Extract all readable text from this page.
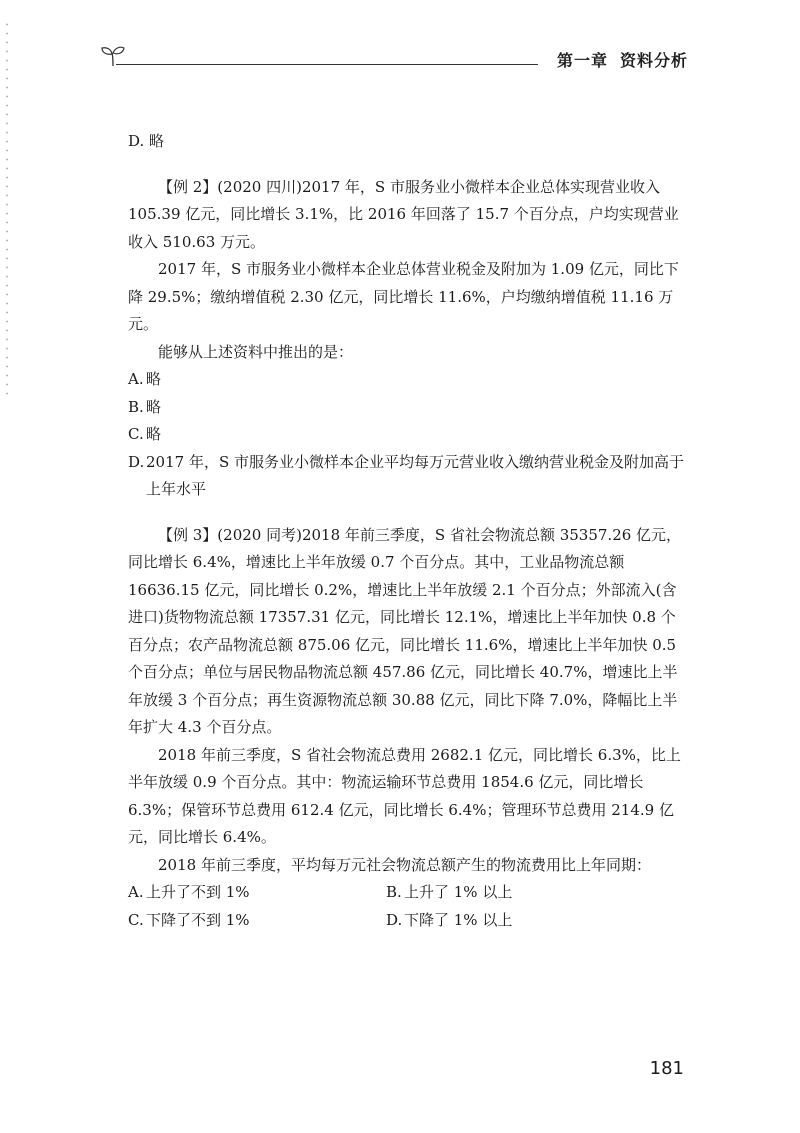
第一章 资料分析

D. 略

【例 2】(2020 四川)2017 年，S 市服务业小微样本企业总体实现营业收入 105.39 亿元，同比增长 3.1%，比 2016 年回落了 15.7 个百分点，户均实现营业收入 510.63 万元。

2017 年，S 市服务业小微样本企业总体营业税金及附加为 1.09 亿元，同比下降 29.5%；缴纳增值税 2.30 亿元，同比增长 11.6%，户均缴纳增值税 11.16 万元。

能够从上述资料中推出的是：

A. 略
B. 略
C. 略
D. 2017 年，S 市服务业小微样本企业平均每万元营业收入缴纳营业税金及附加高于上年水平

【例 3】(2020 同考)2018 年前三季度，S 省社会物流总额 35357.26 亿元，同比增长 6.4%，增速比上半年放缓 0.7 个百分点。其中，工业品物流总额 16636.15 亿元，同比增长 0.2%，增速比上半年放缓 2.1 个百分点；外部流入(含进口)货物物流总额 17357.31 亿元，同比增长 12.1%，增速比上半年加快 0.8 个百分点；农产品物流总额 875.06 亿元，同比增长 11.6%，增速比上半年加快 0.5 个百分点；单位与居民物品物流总额 457.86 亿元，同比增长 40.7%，增速比上半年放缓 3 个百分点；再生资源物流总额 30.88 亿元，同比下降 7.0%，降幅比上半年扩大 4.3 个百分点。

2018 年前三季度，S 省社会物流总费用 2682.1 亿元，同比增长 6.3%，比上半年放缓 0.9 个百分点。其中：物流运输环节总费用 1854.6 亿元，同比增长 6.3%；保管环节总费用 612.4 亿元，同比增长 6.4%；管理环节总费用 214.9 亿元，同比增长 6.4%。

2018 年前三季度，平均每万元社会物流总额产生的物流费用比上年同期：

A. 上升了不到 1%	B. 上升了 1% 以上
C. 下降了不到 1%	D. 下降了 1% 以上
181
